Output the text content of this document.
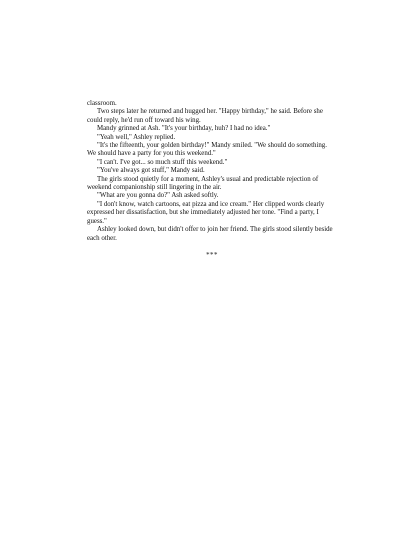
classroom.

Two steps later he returned and hugged her. "Happy birthday," he said. Before she could reply, he'd run off toward his wing.

Mandy grinned at Ash. "It's your birthday, huh? I had no idea."

"Yeah well," Ashley replied.

"It's the fifteenth, your golden birthday!" Mandy smiled. "We should do something. We should have a party for you this weekend."

"I can't. I've got... so much stuff this weekend."

"You've always got stuff," Mandy said.

The girls stood quietly for a moment, Ashley's usual and predictable rejection of weekend companionship still lingering in the air.

"What are you gonna do?" Ash asked softly.

"I don't know, watch cartoons, eat pizza and ice cream." Her clipped words clearly expressed her dissatisfaction, but she immediately adjusted her tone. "Find a party, I guess."

Ashley looked down, but didn't offer to join her friend. The girls stood silently beside each other.

***
